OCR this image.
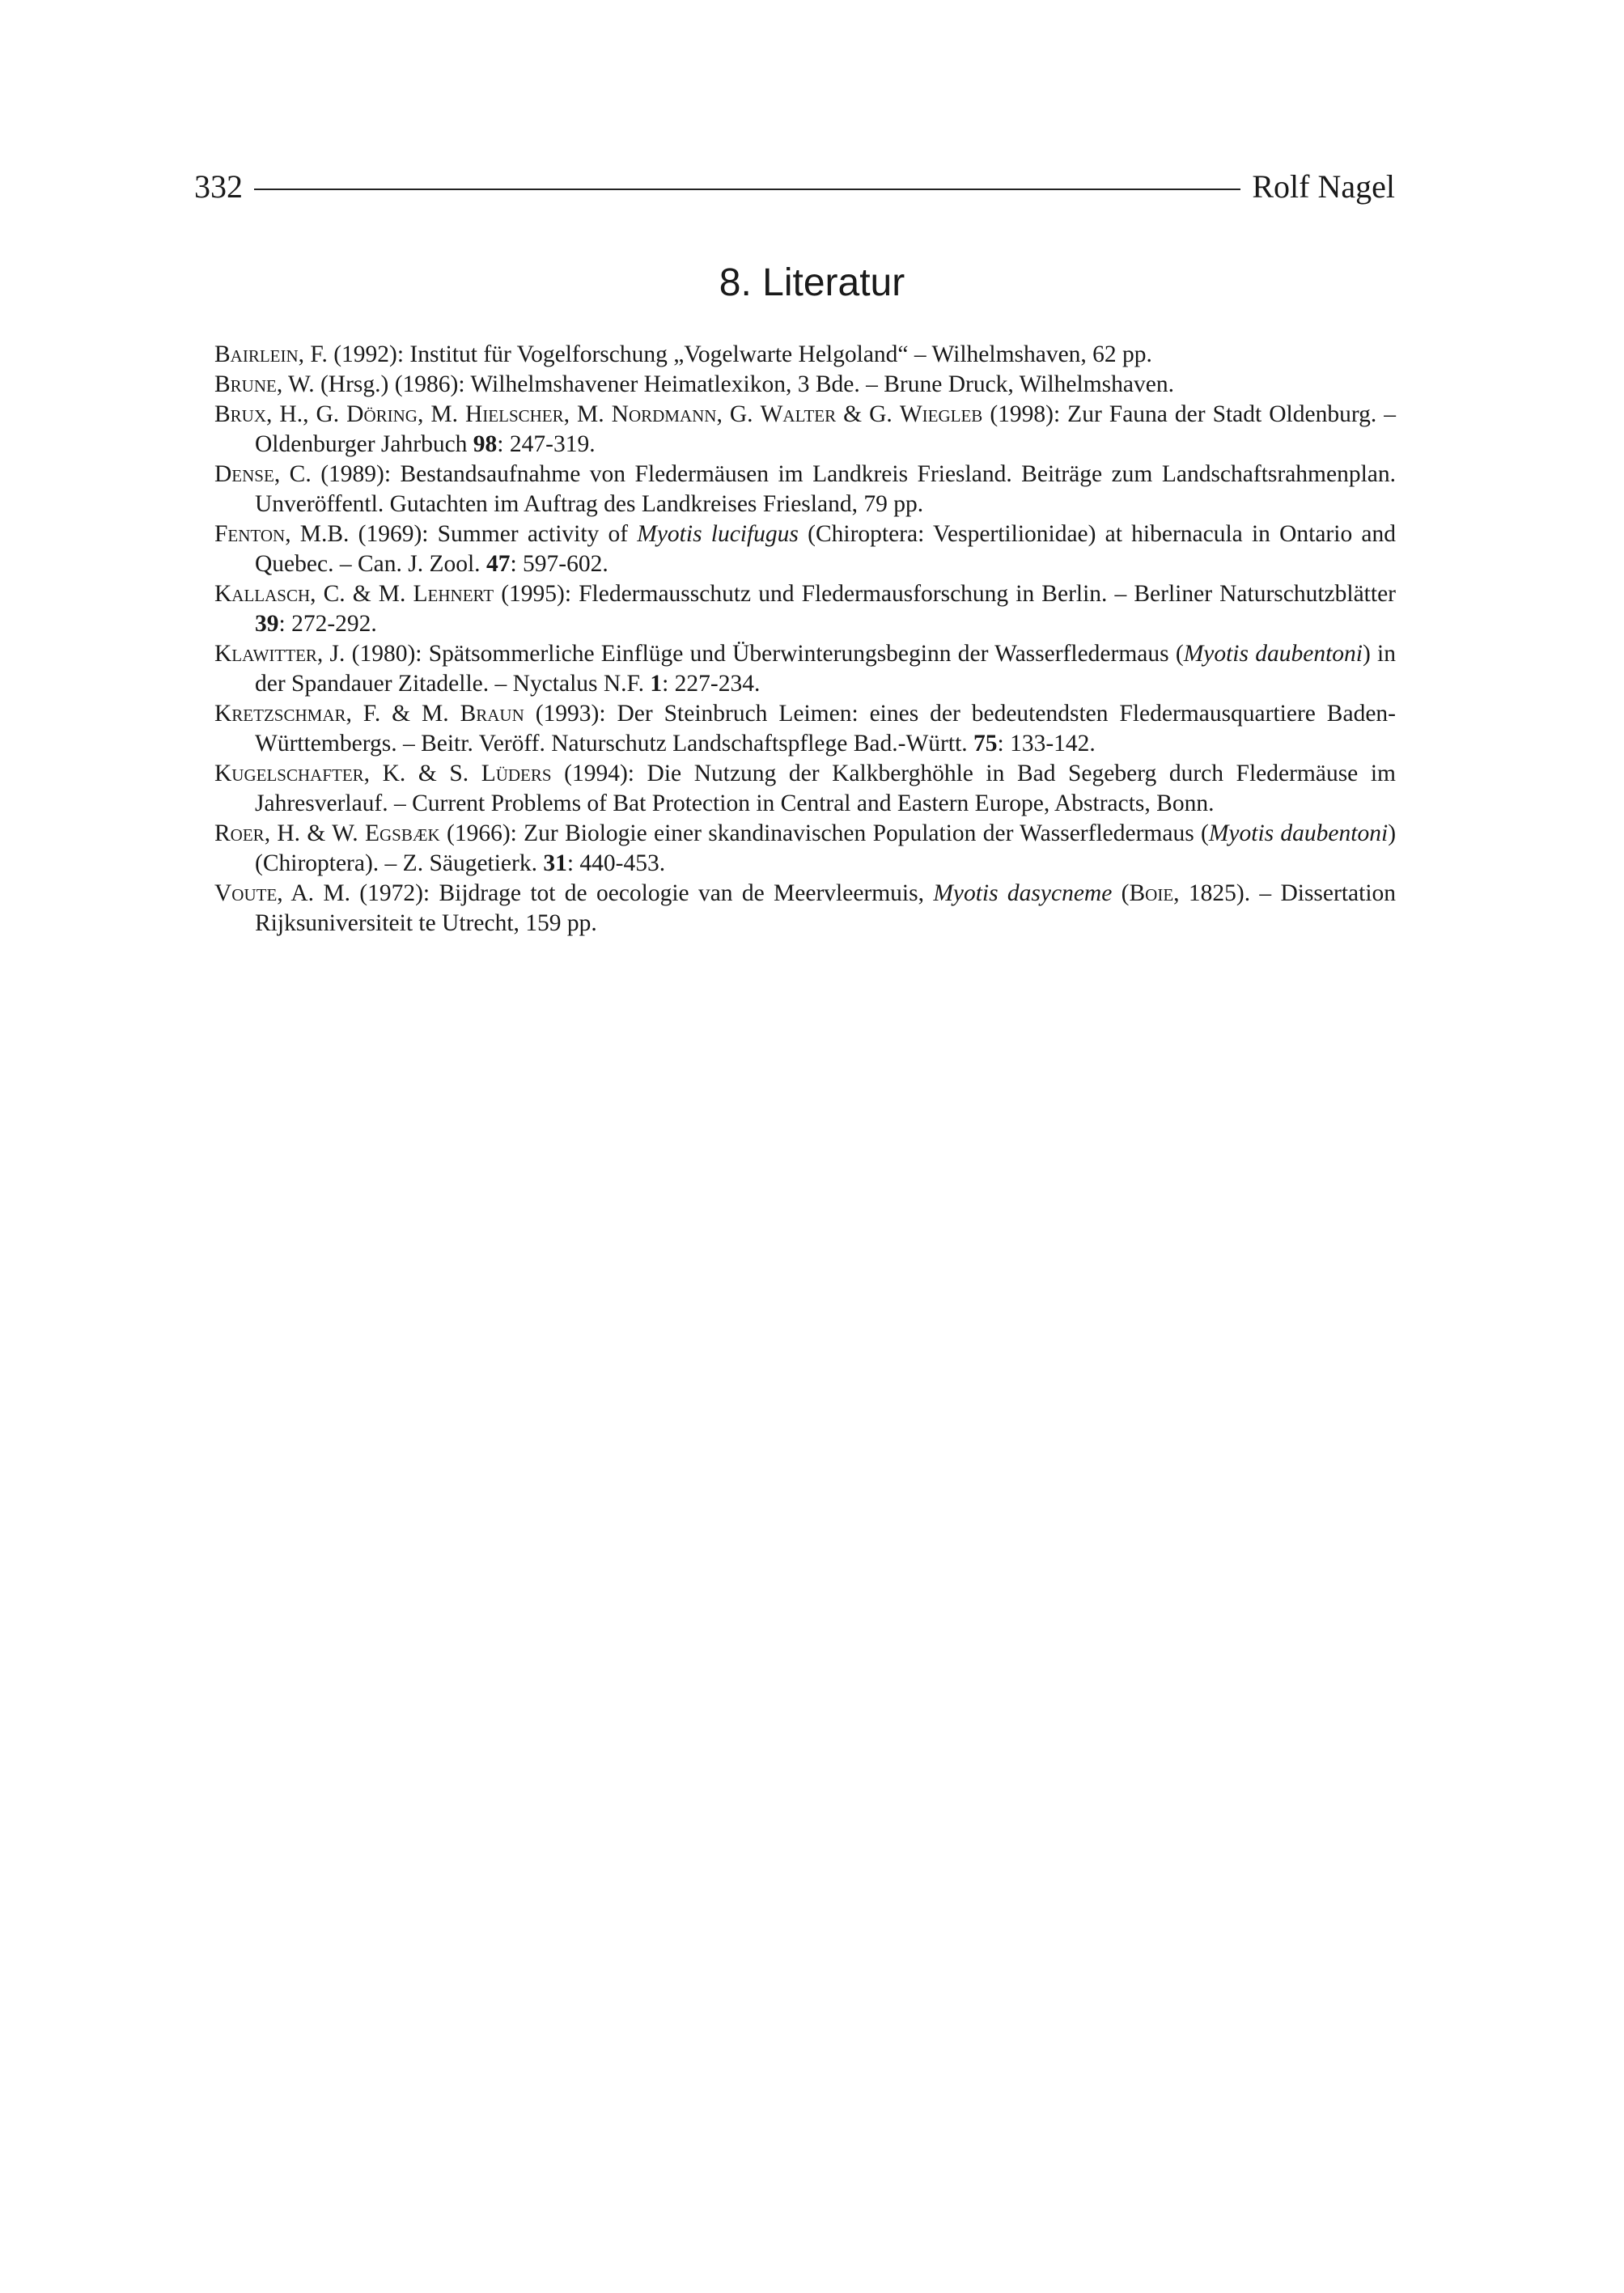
332	Rolf Nagel
8. Literatur

Bairlein, F. (1992): Institut für Vogelforschung „Vogelwarte Helgoland“ – Wilhelmshaven, 62 pp.

Brune, W. (Hrsg.) (1986): Wilhelmshavener Heimatlexikon, 3 Bde. – Brune Druck, Wilhelmshaven.

Brux, H., G. Döring, M. Hielscher, M. Nordmann, G. Walter & G. Wiegleb (1998): Zur Fauna der Stadt Oldenburg. – Oldenburger Jahrbuch 98: 247-319.

Dense, C. (1989): Bestandsaufnahme von Fledermäusen im Landkreis Friesland. Beiträge zum Landschaftsrahmenplan. Unveröffentl. Gutachten im Auftrag des Landkreises Friesland, 79 pp.

Fenton, M.B. (1969): Summer activity of Myotis lucifugus (Chiroptera: Vespertilionidae) at hibernacula in Ontario and Quebec. – Can. J. Zool. 47: 597-602.

Kallasch, C. & M. Lehnert (1995): Fledermausschutz und Fledermausforschung in Berlin. – Berliner Naturschutzblätter 39: 272-292.

Klawitter, J. (1980): Spätsommerliche Einflüge und Überwinterungsbeginn der Wasserfledermaus (Myotis daubentoni) in der Spandauer Zitadelle. – Nyctalus N.F. 1: 227-234.

Kretzschmar, F. & M. Braun (1993): Der Steinbruch Leimen: eines der bedeutendsten Fledermausquartiere Baden-Württembergs. – Beitr. Veröff. Naturschutz Landschaftspflege Bad.-Württ. 75: 133-142.

Kugelschafter, K. & S. Lüders (1994): Die Nutzung der Kalkberghöhle in Bad Segeberg durch Fledermäuse im Jahresverlauf. – Current Problems of Bat Protection in Central and Eastern Europe, Abstracts, Bonn.

Roer, H. & W. Egsbæk (1966): Zur Biologie einer skandinavischen Population der Wasserfledermaus (Myotis daubentoni) (Chiroptera). – Z. Säugetierk. 31: 440-453.

Voute, A. M. (1972): Bijdrage tot de oecologie van de Meervleermuis, Myotis dasycneme (Boie, 1825). – Dissertation Rijksuniversiteit te Utrecht, 159 pp.
